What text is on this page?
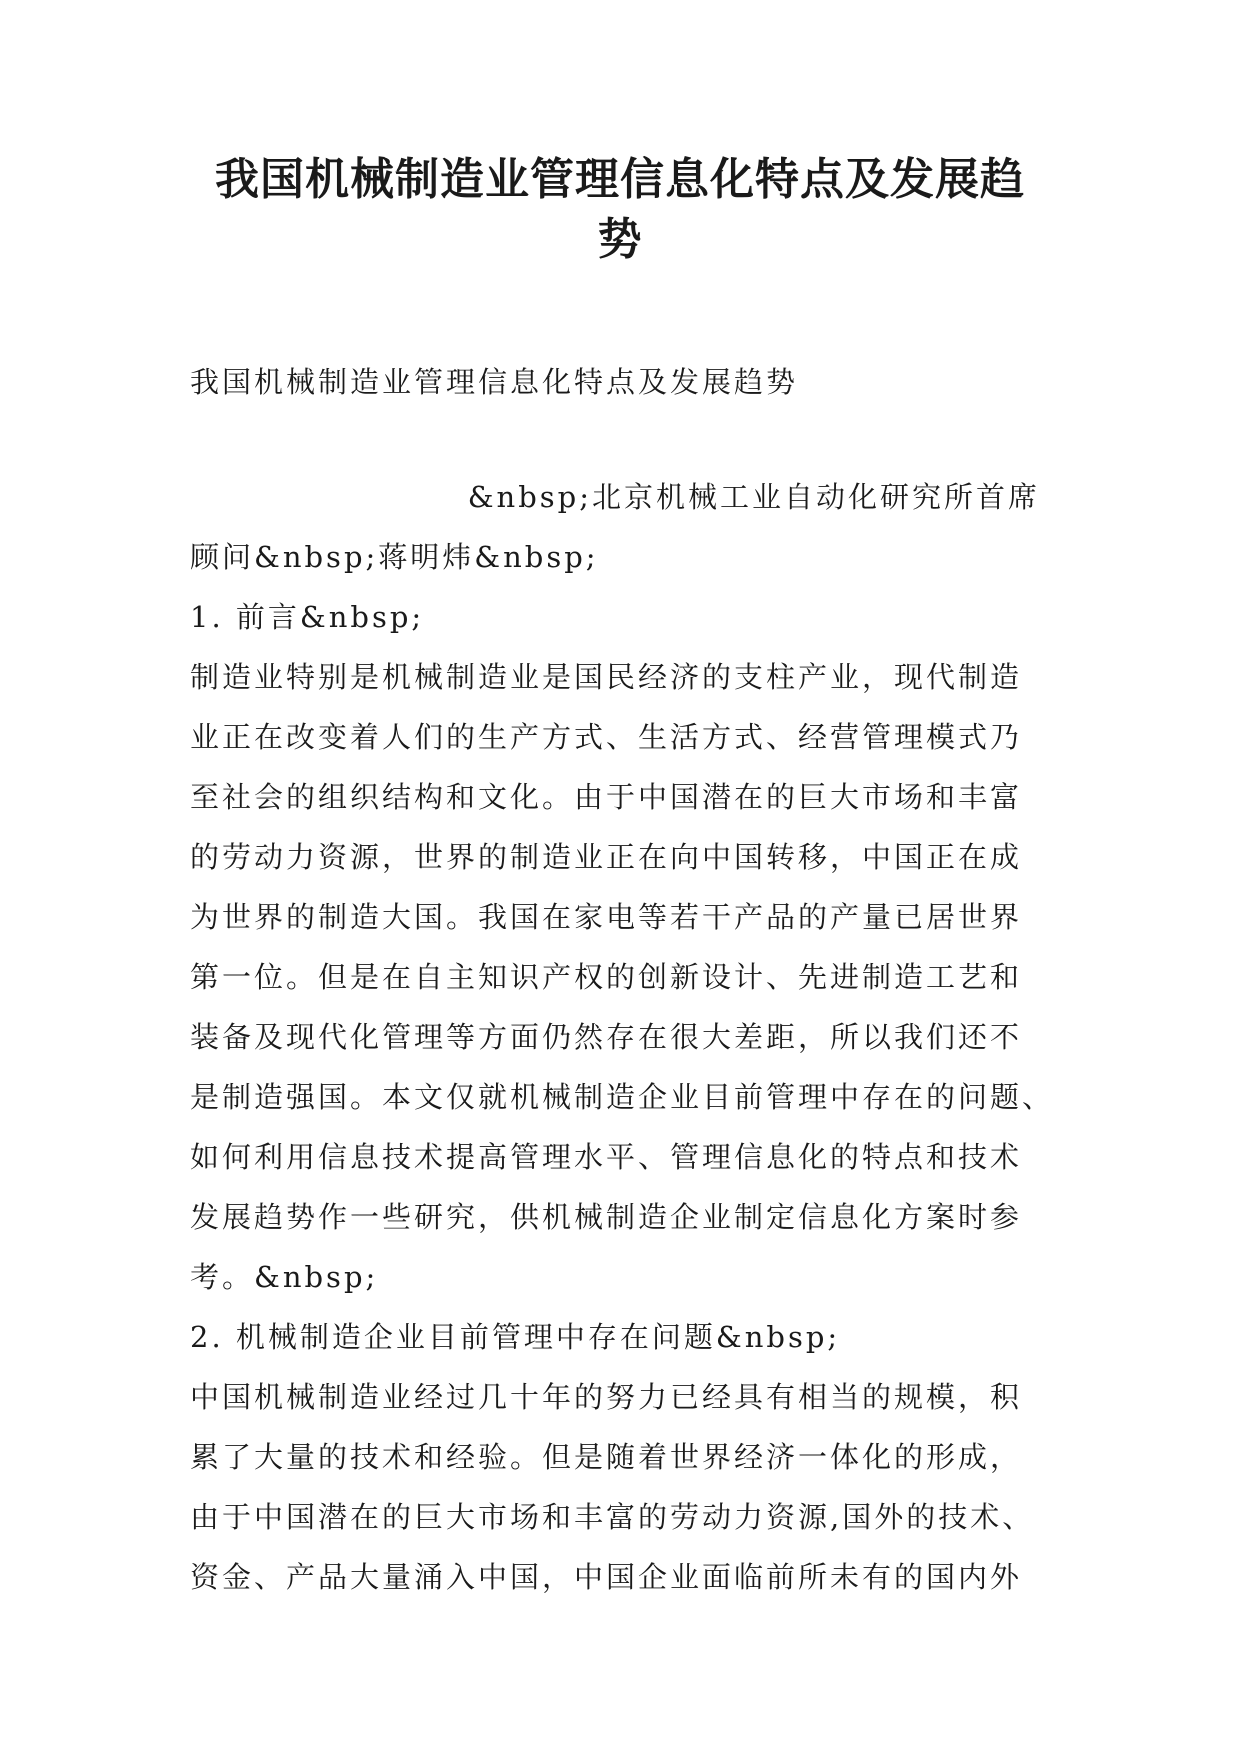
我国机械制造业管理信息化特点及发展趋
势
我国机械制造业管理信息化特点及发展趋势
&nbsp;北京机械工业自动化研究所首席
顾问&nbsp;蒋明炜&nbsp;
1. 前言&nbsp;
制造业特别是机械制造业是国民经济的支柱产业，现代制造
业正在改变着人们的生产方式、生活方式、经营管理模式乃
至社会的组织结构和文化。由于中国潜在的巨大市场和丰富
的劳动力资源，世界的制造业正在向中国转移，中国正在成
为世界的制造大国。我国在家电等若干产品的产量已居世界
第一位。但是在自主知识产权的创新设计、先进制造工艺和
装备及现代化管理等方面仍然存在很大差距，所以我们还不
是制造强国。本文仅就机械制造企业目前管理中存在的问题、
如何利用信息技术提高管理水平、管理信息化的特点和技术
发展趋势作一些研究，供机械制造企业制定信息化方案时参
考。&nbsp;
2. 机械制造企业目前管理中存在问题&nbsp;
中国机械制造业经过几十年的努力已经具有相当的规模，积
累了大量的技术和经验。但是随着世界经济一体化的形成，
由于中国潜在的巨大市场和丰富的劳动力资源,国外的技术、
资金、产品大量涌入中国，中国企业面临前所未有的国内外
